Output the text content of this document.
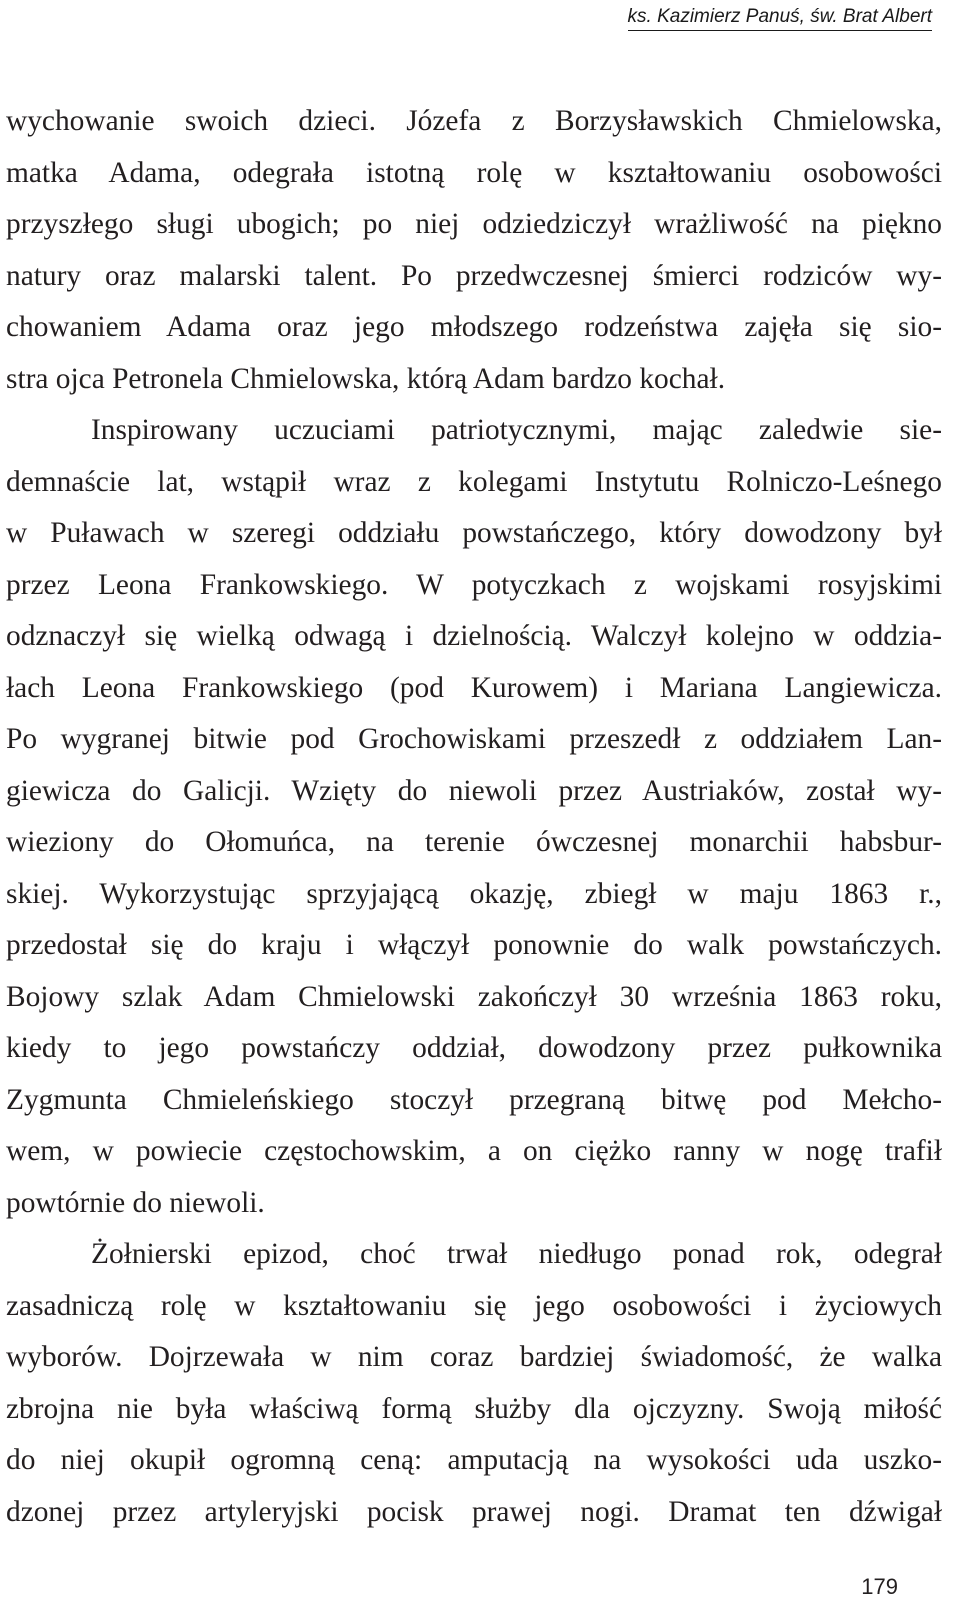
ks. Kazimierz Panuś, św. Brat Albert
wychowanie swoich dzieci. Józefa z Borzysławskich Chmielowska,
matka Adama, odegrała istotną rolę w kształtowaniu osobowości
przyszłego sługi ubogich; po niej odziedziczył wrażliwość na piękno
natury oraz malarski talent. Po przedwczesnej śmierci rodziców wy-
chowaniem Adama oraz jego młodszego rodzeństwa zajęła się sio-
stra ojca Petronela Chmielowska, którą Adam bardzo kochał.
Inspirowany uczuciami patriotycznymi, mając zaledwie sie-
demnaście lat, wstąpił wraz z kolegami Instytutu Rolniczo-Leśnego
w Puławach w szeregi oddziału powstańczego, który dowodzony był
przez Leona Frankowskiego. W potyczkach z wojskami rosyjskimi
odznaczył się wielką odwagą i dzielnością. Walczył kolejno w oddzia-
łach Leona Frankowskiego (pod Kurowem) i Mariana Langiewicza.
Po wygranej bitwie pod Grochowiskami przeszedł z oddziałem Lan-
giewicza do Galicji. Wzięty do niewoli przez Austriaków, został wy-
wieziony do Ołomuńca, na terenie ówczesnej monarchii habsbur-
skiej. Wykorzystując sprzyjającą okazję, zbiegł w maju 1863 r.,
przedostał się do kraju i włączył ponownie do walk powstańczych.
Bojowy szlak Adam Chmielowski zakończył 30 września 1863 roku,
kiedy to jego powstańczy oddział, dowodzony przez pułkownika
Zygmunta Chmieleńskiego stoczył przegraną bitwę pod Mełcho-
wem, w powiecie częstochowskim, a on ciężko ranny w nogę trafił
powtórnie do niewoli.
Żołnierski epizod, choć trwał niedługo ponad rok, odegrał
zasadniczą rolę w kształtowaniu się jego osobowości i życiowych
wyborów. Dojrzewała w nim coraz bardziej świadomość, że walka
zbrojna nie była właściwą formą służby dla ojczyzny. Swoją miłość
do niej okupił ogromną ceną: amputacją na wysokości uda uszko-
dzonej przez artyleryjski pocisk prawej nogi. Dramat ten dźwigał
179
